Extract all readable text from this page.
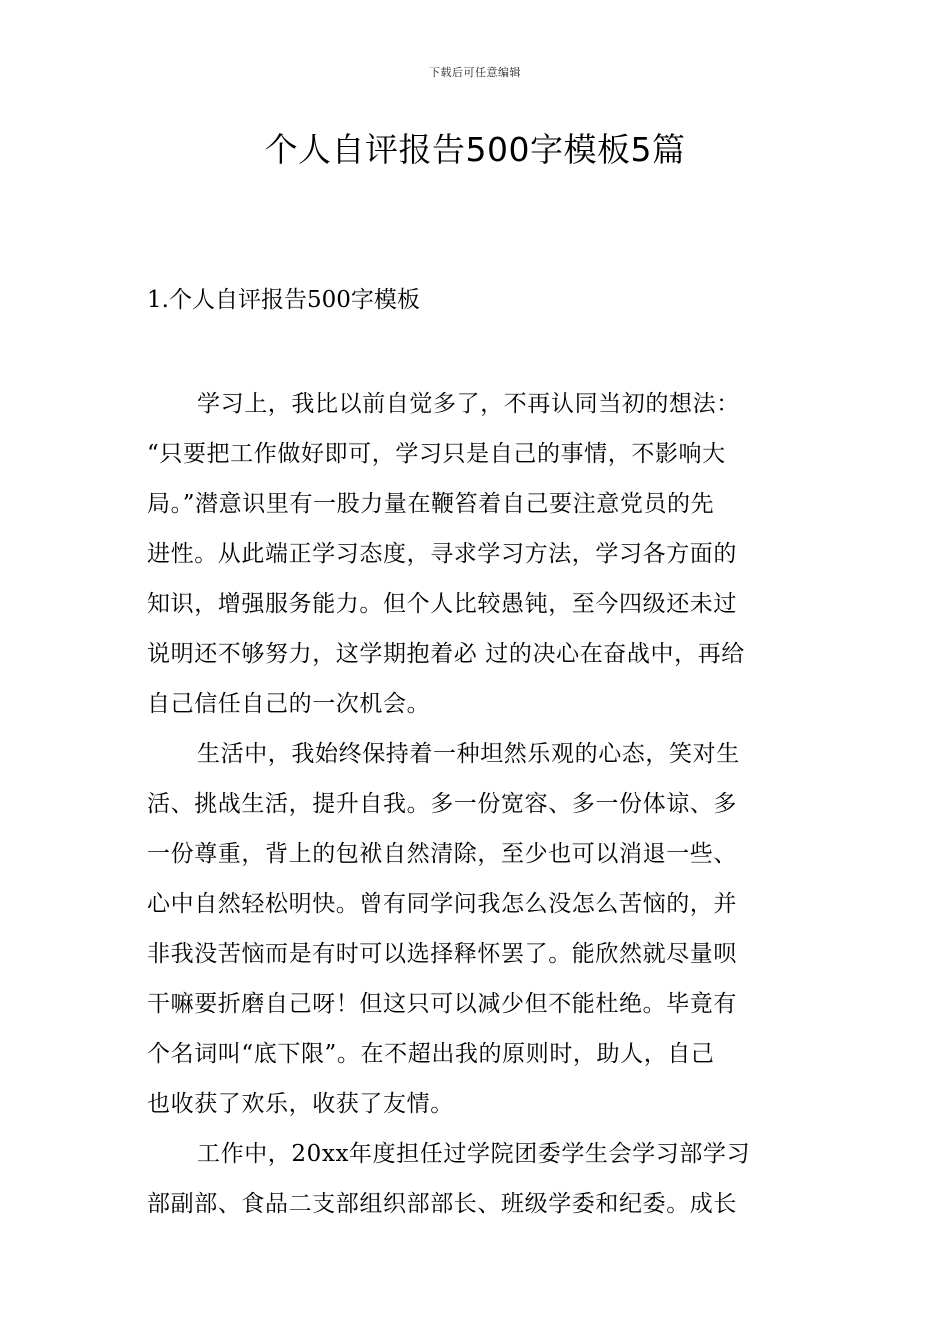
下载后可任意编辑
个人自评报告500字模板5篇
1.个人自评报告500字模板
学习上，我比以前自觉多了，不再认同当初的想法：
“只要把工作做好即可，学习只是自己的事情，不影响大
局。”潜意识里有一股力量在鞭笞着自己要注意党员的先
进性。从此端正学习态度，寻求学习方法，学习各方面的
知识，增强服务能力。但个人比较愚钝，至今四级还未过
说明还不够努力，这学期抱着必 过的决心在奋战中，再给
自己信任自己的一次机会。
生活中，我始终保持着一种坦然乐观的心态，笑对生
活、挑战生活，提升自我。多一份宽容、多一份体谅、多
一份尊重，背上的包袱自然清除，至少也可以消退一些、
心中自然轻松明快。曾有同学问我怎么没怎么苦恼的，并
非我没苦恼而是有时可以选择释怀罢了。能欣然就尽量呗
干嘛要折磨自己呀！但这只可以减少但不能杜绝。毕竟有
个名词叫“底下限”。在不超出我的原则时，助人，自己
也收获了欢乐，收获了友情。
工作中，20xx年度担任过学院团委学生会学习部学习
部副部、食品二支部组织部部长、班级学委和纪委。成长
